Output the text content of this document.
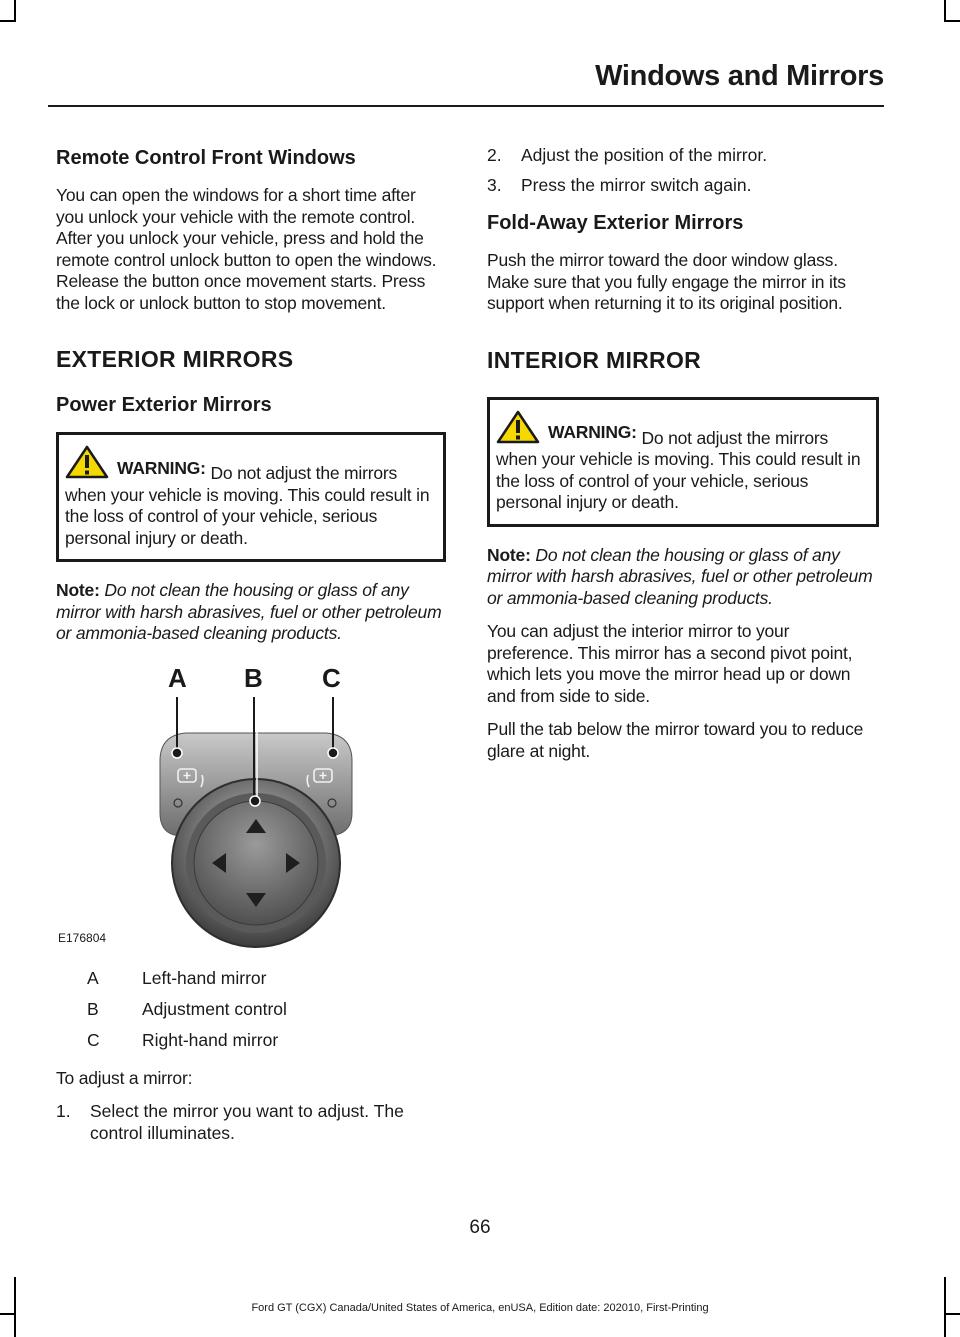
Windows and Mirrors
Remote Control Front Windows

You can open the windows for a short time after you unlock your vehicle with the remote control. After you unlock your vehicle, press and hold the remote control unlock button to open the windows. Release the button once movement starts. Press the lock or unlock button to stop movement.

EXTERIOR MIRRORS
Power Exterior Mirrors
WARNING: Do not adjust the mirrors when your vehicle is moving. This could result in the loss of control of your vehicle, serious personal injury or death.

Note: Do not clean the housing or glass of any mirror with harsh abrasives, fuel or other petroleum or ammonia-based cleaning products.

A B C
E176804
A	Left-hand mirror
B	Adjustment control
C	Right-hand mirror

To adjust a mirror:

1.	Select the mirror you want to adjust. The control illuminates.
2.	Adjust the position of the mirror.
3.	Press the mirror switch again.
Fold-Away Exterior Mirrors

Push the mirror toward the door window glass. Make sure that you fully engage the mirror in its support when returning it to its original position.

INTERIOR MIRROR
WARNING: Do not adjust the mirrors when your vehicle is moving. This could result in the loss of control of your vehicle, serious personal injury or death.

Note: Do not clean the housing or glass of any mirror with harsh abrasives, fuel or other petroleum or ammonia-based cleaning products.

You can adjust the interior mirror to your preference. This mirror has a second pivot point, which lets you move the mirror head up or down and from side to side.

Pull the tab below the mirror toward you to reduce glare at night.

66
Ford GT (CGX) Canada/United States of America, enUSA, Edition date: 202010, First-Printing
